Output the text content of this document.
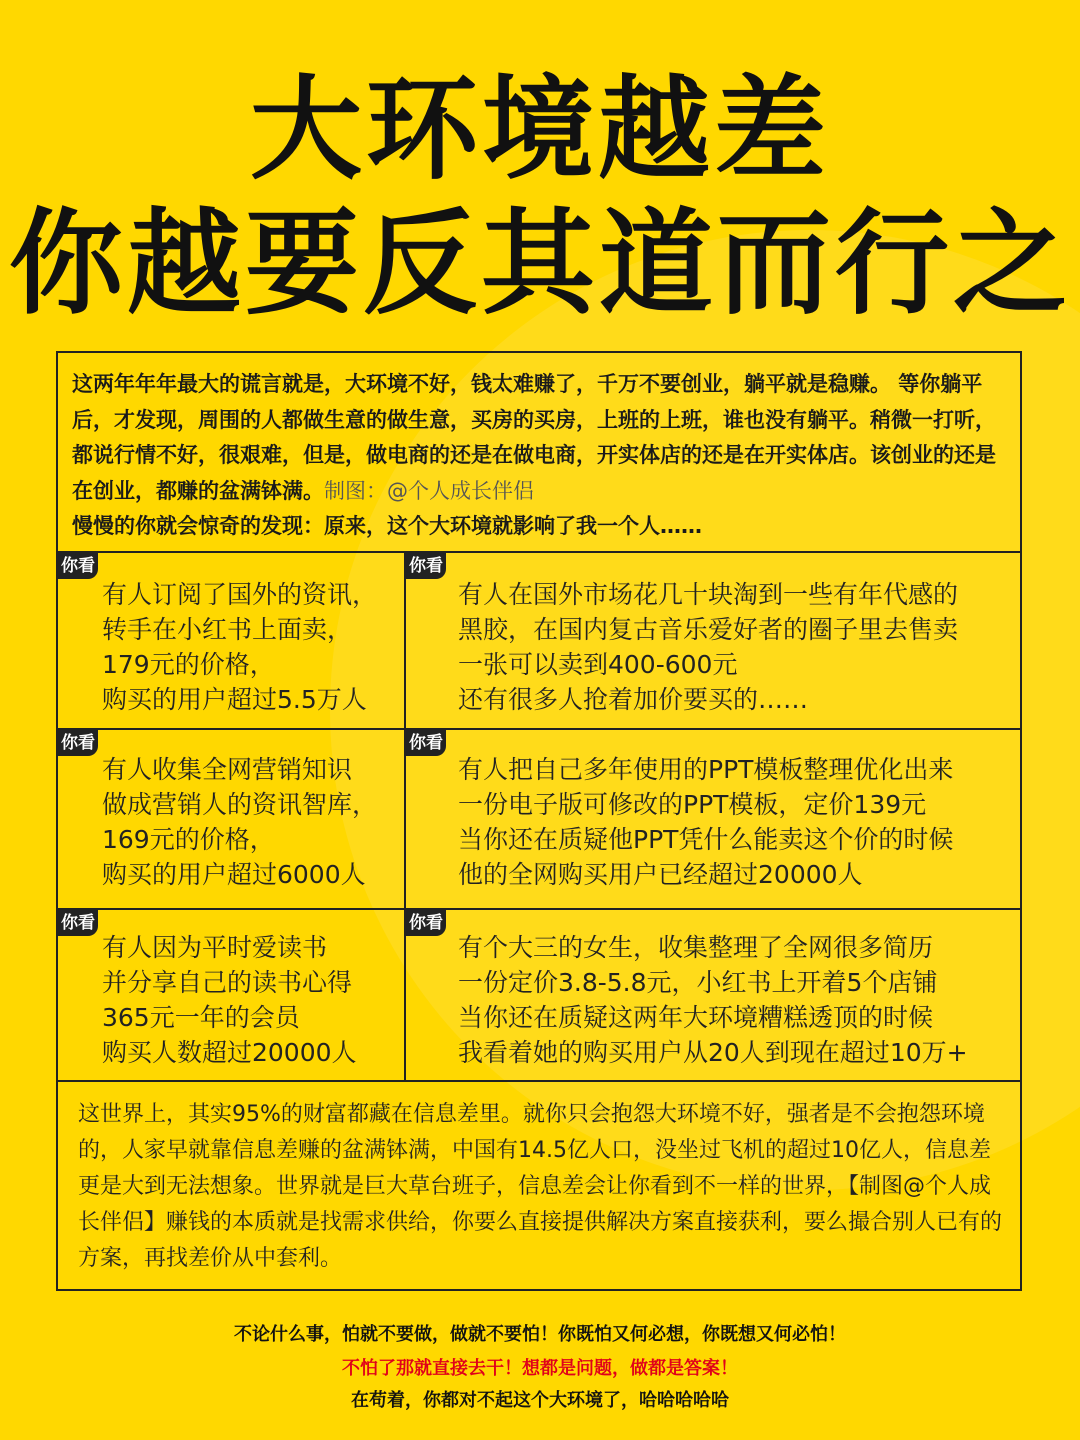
大环境越差
你越要反其道而行之
这两年年年最大的谎言就是，大环境不好，钱太难赚了，千万不要创业，躺平就是稳赚。 等你躺平后，才发现，周围的人都做生意的做生意，买房的买房，上班的上班，谁也没有躺平。稍微一打听，都说行情不好，很艰难，但是，做电商的还是在做电商，开实体店的还是在开实体店。该创业的还是在创业，都赚的盆满钵满。制图：@个人成长伴侣
慢慢的你就会惊奇的发现：原来，这个大环境就影响了我一个人……
你看
有人订阅了国外的资讯，
转手在小红书上面卖，
179元的价格，
购买的用户超过5.5万人
你看
有人在国外市场花几十块淘到一些有年代感的
黑胶，在国内复古音乐爱好者的圈子里去售卖
一张可以卖到400-600元
还有很多人抢着加价要买的……
你看
有人收集全网营销知识
做成营销人的资讯智库，
169元的价格，
购买的用户超过6000人
你看
有人把自己多年使用的PPT模板整理优化出来
一份电子版可修改的PPT模板，定价139元
当你还在质疑他PPT凭什么能卖这个价的时候
他的全网购买用户已经超过20000人
你看
有人因为平时爱读书
并分享自己的读书心得
365元一年的会员
购买人数超过20000人
你看
有个大三的女生，收集整理了全网很多简历
一份定价3.8-5.8元，小红书上开着5个店铺
当你还在质疑这两年大环境糟糕透顶的时候
我看着她的购买用户从20人到现在超过10万+
这世界上，其实95%的财富都藏在信息差里。就你只会抱怨大环境不好，强者是不会抱怨环境的，人家早就靠信息差赚的盆满钵满，中国有14.5亿人口，没坐过飞机的超过10亿人，信息差更是大到无法想象。世界就是巨大草台班子，信息差会让你看到不一样的世界，【制图@个人成长伴侣】赚钱的本质就是找需求供给，你要么直接提供解决方案直接获利，要么撮合别人已有的方案，再找差价从中套利。
不论什么事，怕就不要做，做就不要怕！你既怕又何必想，你既想又何必怕！
不怕了那就直接去干！想都是问题，做都是答案！
在苟着，你都对不起这个大环境了，哈哈哈哈哈
